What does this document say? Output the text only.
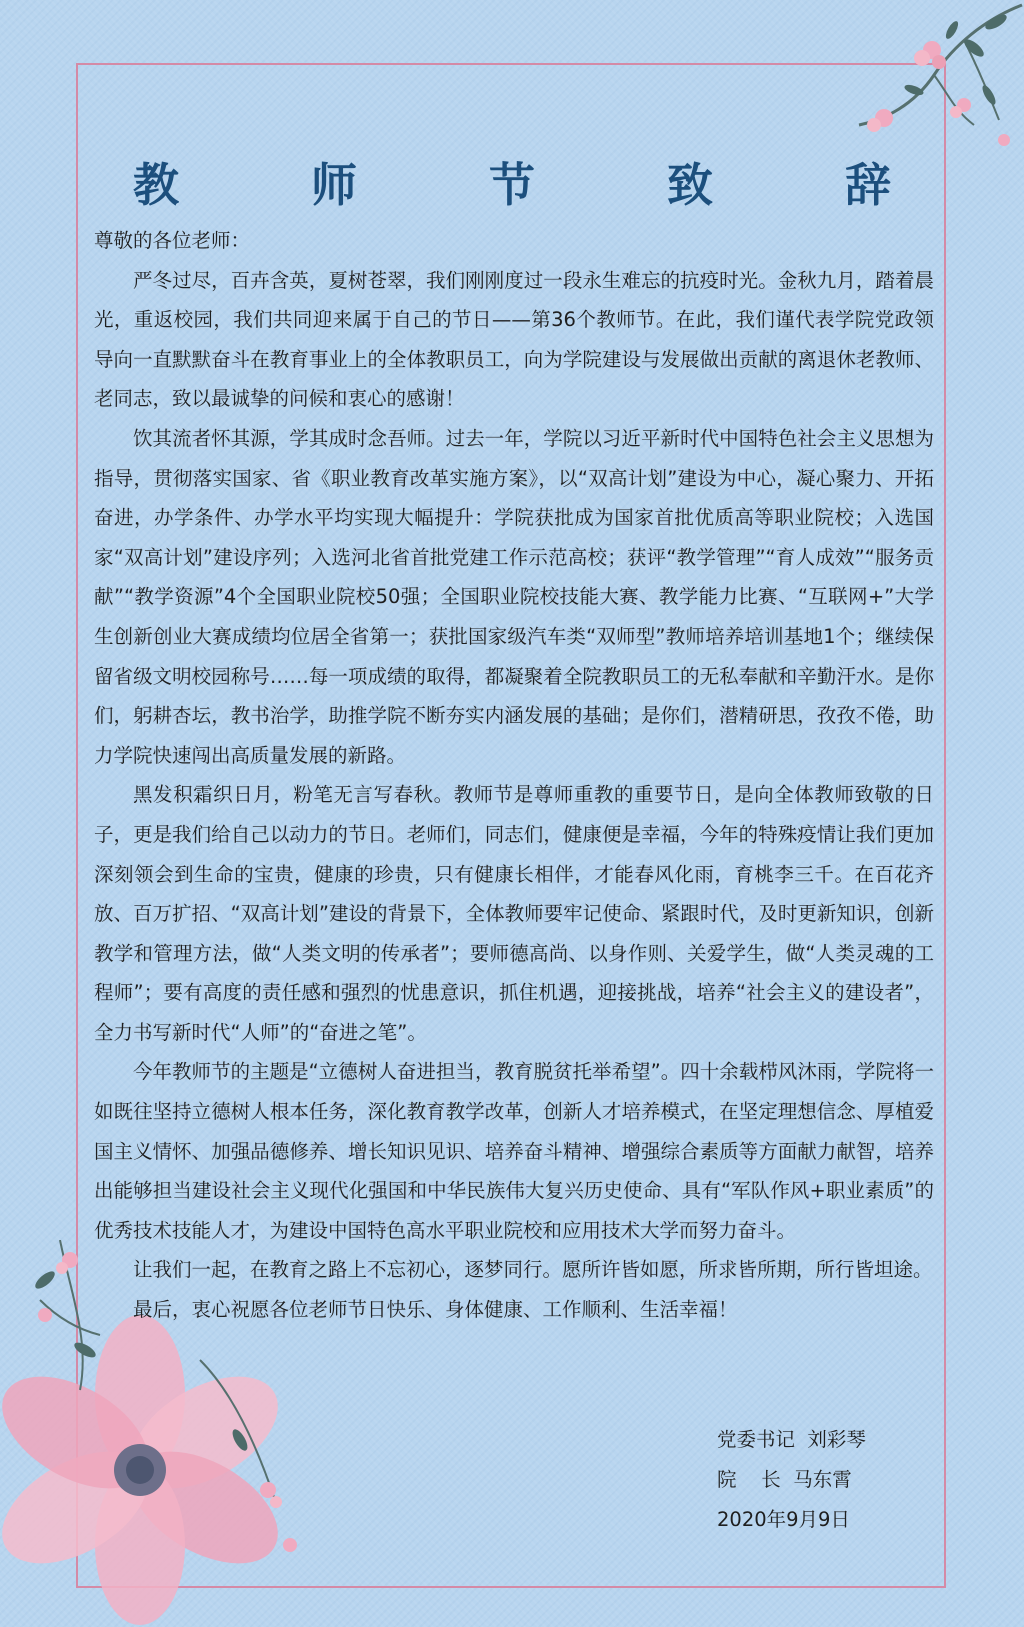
教 师 节 致 辞

尊敬的各位老师：

严冬过尽，百卉含英，夏树苍翠，我们刚刚度过一段永生难忘的抗疫时光。金秋九月，踏着晨光，重返校园，我们共同迎来属于自己的节日——第36个教师节。在此，我们谨代表学院党政领导向一直默默奋斗在教育事业上的全体教职员工，向为学院建设与发展做出贡献的离退休老教师、老同志，致以最诚挚的问候和衷心的感谢！

饮其流者怀其源，学其成时念吾师。过去一年，学院以习近平新时代中国特色社会主义思想为指导，贯彻落实国家、省《职业教育改革实施方案》，以“双高计划”建设为中心，凝心聚力、开拓奋进，办学条件、办学水平均实现大幅提升：学院获批成为国家首批优质高等职业院校；入选国家“双高计划”建设序列；入选河北省首批党建工作示范高校；获评“教学管理”“育人成效”“服务贡献”“教学资源”4个全国职业院校50强；全国职业院校技能大赛、教学能力比赛、“互联网+”大学生创新创业大赛成绩均位居全省第一；获批国家级汽车类“双师型”教师培养培训基地1个；继续保留省级文明校园称号……每一项成绩的取得，都凝聚着全院教职员工的无私奉献和辛勤汗水。是你们，躬耕杏坛，教书治学，助推学院不断夯实内涵发展的基础；是你们，潜精研思，孜孜不倦，助力学院快速闯出高质量发展的新路。

黑发积霜织日月，粉笔无言写春秋。教师节是尊师重教的重要节日，是向全体教师致敬的日子，更是我们给自己以动力的节日。老师们，同志们，健康便是幸福，今年的特殊疫情让我们更加深刻领会到生命的宝贵，健康的珍贵，只有健康长相伴，才能春风化雨，育桃李三千。在百花齐放、百万扩招、“双高计划”建设的背景下，全体教师要牢记使命、紧跟时代，及时更新知识，创新教学和管理方法，做“人类文明的传承者”；要师德高尚、以身作则、关爱学生，做“人类灵魂的工程师”；要有高度的责任感和强烈的忧患意识，抓住机遇，迎接挑战，培养“社会主义的建设者”，全力书写新时代“人师”的“奋进之笔”。

今年教师节的主题是“立德树人奋进担当，教育脱贫托举希望”。四十余载栉风沐雨，学院将一如既往坚持立德树人根本任务，深化教育教学改革，创新人才培养模式，在坚定理想信念、厚植爱国主义情怀、加强品德修养、增长知识见识、培养奋斗精神、增强综合素质等方面献力献智，培养出能够担当建设社会主义现代化强国和中华民族伟大复兴历史使命、具有“军队作风+职业素质”的优秀技术技能人才，为建设中国特色高水平职业院校和应用技术大学而努力奋斗。

让我们一起，在教育之路上不忘初心，逐梦同行。愿所许皆如愿，所求皆所期，所行皆坦途。

最后，衷心祝愿各位老师节日快乐、身体健康、工作顺利、生活幸福！

党委书记  刘彩琴
院    长  马东霄
2020年9月9日
